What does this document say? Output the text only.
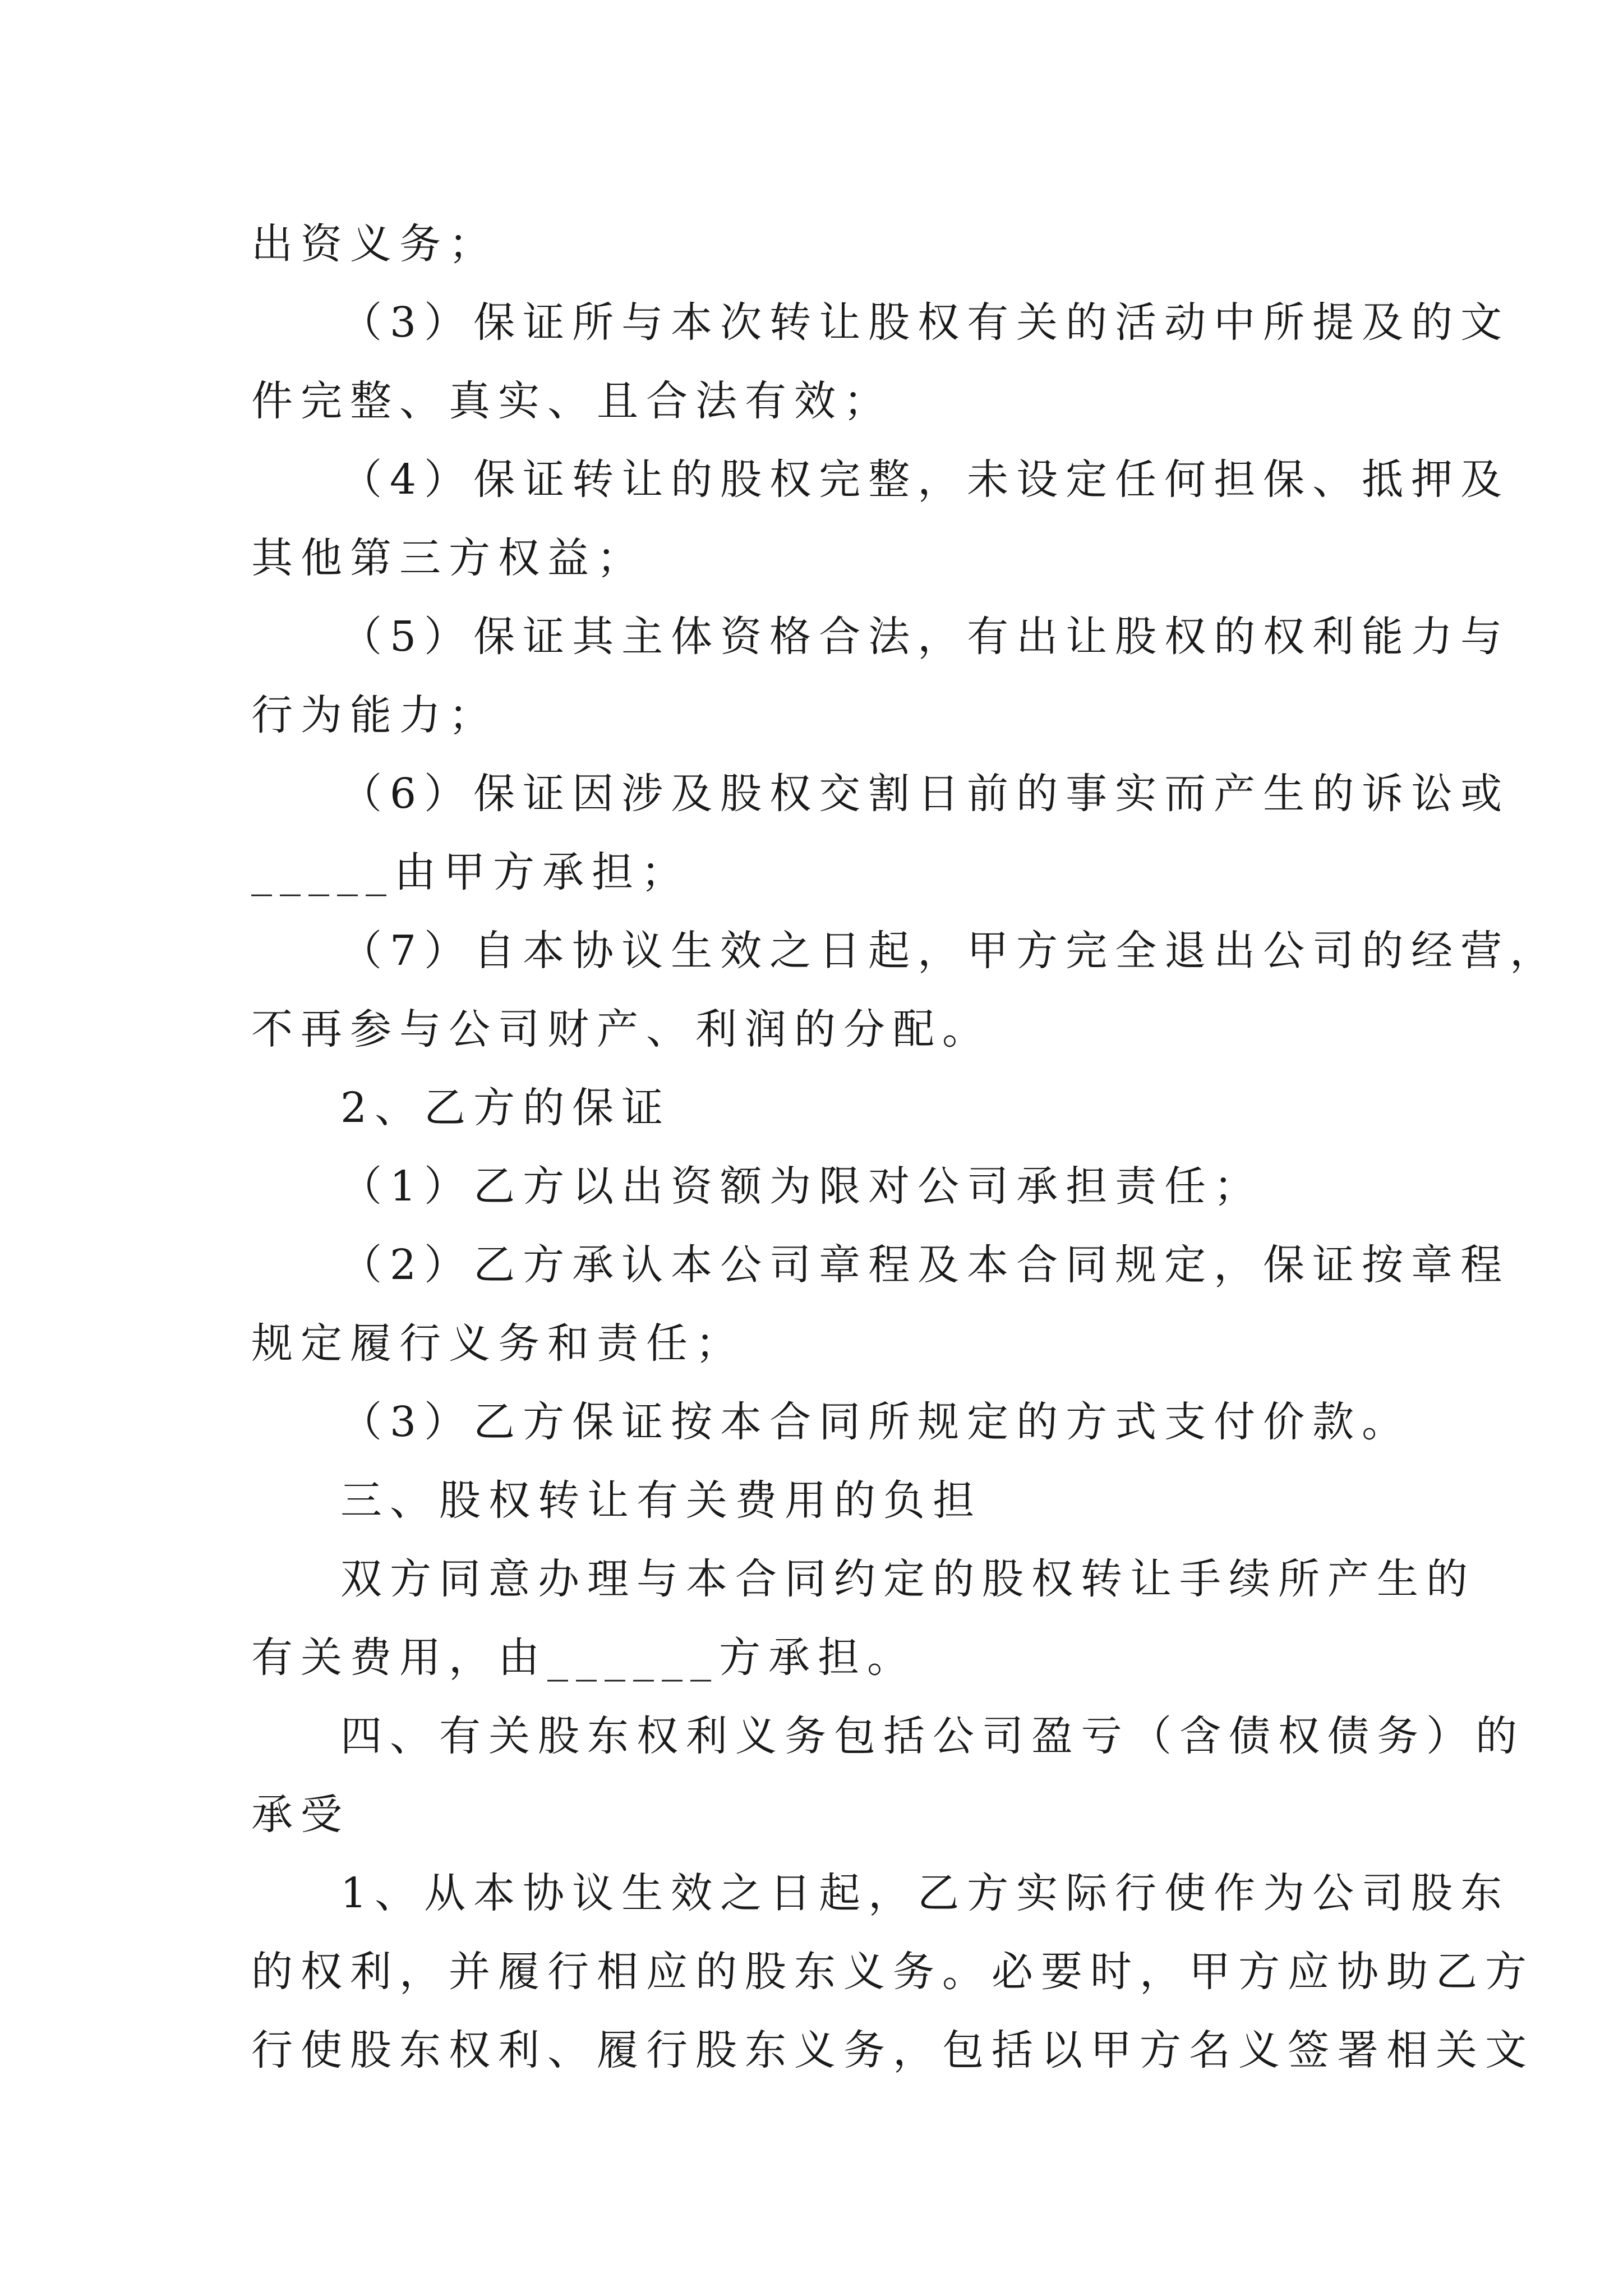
出资义务；
（3）保证所与本次转让股权有关的活动中所提及的文
件完整、真实、且合法有效；
（4）保证转让的股权完整，未设定任何担保、抵押及
其他第三方权益；
（5）保证其主体资格合法，有出让股权的权利能力与
行为能力；
（6）保证因涉及股权交割日前的事实而产生的诉讼或
_____由甲方承担；
（7）自本协议生效之日起，甲方完全退出公司的经营，
不再参与公司财产、利润的分配。
2、乙方的保证
（1）乙方以出资额为限对公司承担责任；
（2）乙方承认本公司章程及本合同规定，保证按章程
规定履行义务和责任；
（3）乙方保证按本合同所规定的方式支付价款。
三、股权转让有关费用的负担
双方同意办理与本合同约定的股权转让手续所产生的
有关费用，由______方承担。
四、有关股东权利义务包括公司盈亏（含债权债务）的
承受
1、从本协议生效之日起，乙方实际行使作为公司股东
的权利，并履行相应的股东义务。必要时，甲方应协助乙方
行使股东权利、履行股东义务，包括以甲方名义签署相关文
